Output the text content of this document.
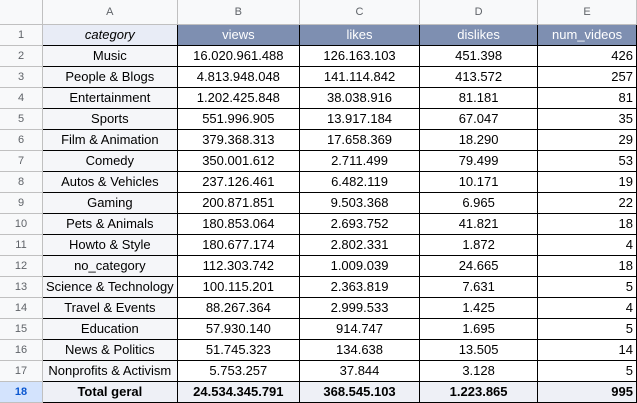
	A	B	C	D	E
1	category	views	likes	dislikes	num_videos
2	Music	16.020.961.488	126.163.103	451.398	426
3	People & Blogs	4.813.948.048	141.114.842	413.572	257
4	Entertainment	1.202.425.848	38.038.916	81.181	81
5	Sports	551.996.905	13.917.184	67.047	35
6	Film & Animation	379.368.313	17.658.369	18.290	29
7	Comedy	350.001.612	2.711.499	79.499	53
8	Autos & Vehicles	237.126.461	6.482.119	10.171	19
9	Gaming	200.871.851	9.503.368	6.965	22
10	Pets & Animals	180.853.064	2.693.752	41.821	18
11	Howto & Style	180.677.174	2.802.331	1.872	4
12	no_category	112.303.742	1.009.039	24.665	18
13	Science & Technology	100.115.201	2.363.819	7.631	5
14	Travel & Events	88.267.364	2.999.533	1.425	4
15	Education	57.930.140	914.747	1.695	5
16	News & Politics	51.745.323	134.638	13.505	14
17	Nonprofits & Activism	5.753.257	37.844	3.128	5
18	Total geral	24.534.345.791	368.545.103	1.223.865	995
